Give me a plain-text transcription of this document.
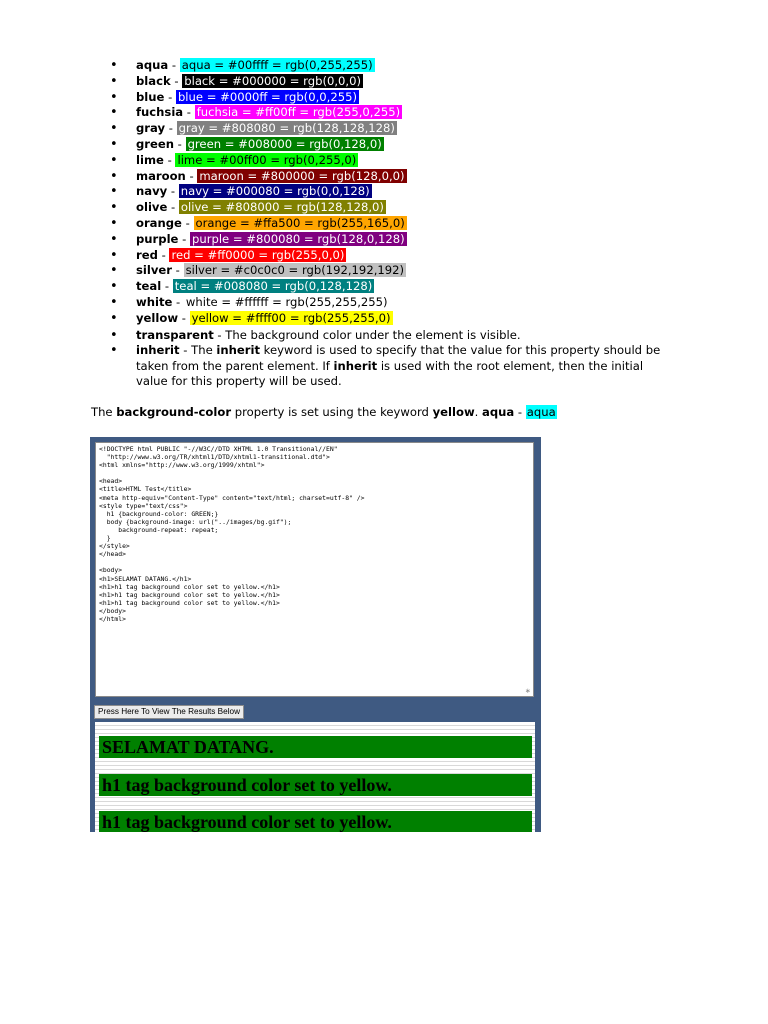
• aqua - aqua = #00ffff = rgb(0,255,255)
• black - black = #000000 = rgb(0,0,0)
• blue - blue = #0000ff = rgb(0,0,255)
• fuchsia - fuchsia = #ff00ff = rgb(255,0,255)
• gray - gray = #808080 = rgb(128,128,128)
• green - green = #008000 = rgb(0,128,0)
• lime - lime = #00ff00 = rgb(0,255,0)
• maroon - maroon = #800000 = rgb(128,0,0)
• navy - navy = #000080 = rgb(0,0,128)
• olive - olive = #808000 = rgb(128,128,0)
• orange - orange = #ffa500 = rgb(255,165,0)
• purple - purple = #800080 = rgb(128,0,128)
• red - red = #ff0000 = rgb(255,0,0)
• silver - silver = #c0c0c0 = rgb(192,192,192)
• teal - teal = #008080 = rgb(0,128,128)
• white - white = #ffffff = rgb(255,255,255)
• yellow - yellow = #ffff00 = rgb(255,255,0)
• transparent - The background color under the element is visible.
• inherit - The inherit keyword is used to specify that the value for this property should be taken from the parent element. If inherit is used with the root element, then the initial value for this property will be used.
The background-color property is set using the keyword yellow. aqua - aqua
<!DOCTYPE html PUBLIC "-//W3C//DTD XHTML 1.0 Transitional//EN"
"http://www.w3.org/TR/xhtml1/DTD/xhtml1-transitional.dtd">
<html xmlns="http://www.w3.org/1999/xhtml">

<head>
<title>HTML Test</title>
<meta http-equiv="Content-Type" content="text/html; charset=utf-8" />
<style type="text/css">
h1 {background-color: GREEN;}
body {background-image: url("../images/bg.gif");
background-repeat: repeat;
}
</style>
</head>

<body>
<h1>SELAMAT DATANG.</h1>
<h1>h1 tag background color set to yellow.</h1>
<h1>h1 tag background color set to yellow.</h1>
<h1>h1 tag background color set to yellow.</h1>
</body>
</html>
∗
Press Here To View The Results Below
SELAMAT DATANG.
h1 tag background color set to yellow.
h1 tag background color set to yellow.
